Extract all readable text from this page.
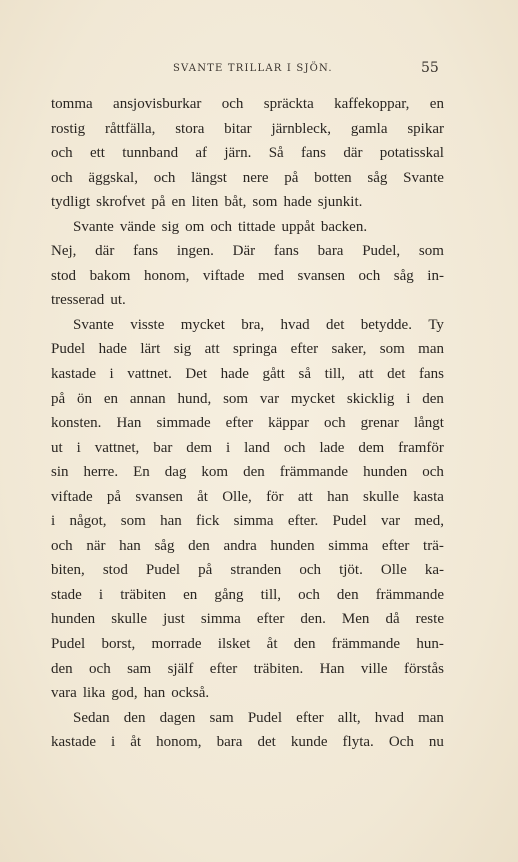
SVANTE TRILLAR I SJÖN.	55
tomma ansjovisburkar och spräckta kaffekoppar, en
rostig råttfälla, stora bitar järnbleck, gamla spikar
och ett tunnband af järn. Så fans där potatisskal
och äggskal, och längst nere på botten såg Svante
tydligt skrofvet på en liten båt, som hade sjunkit.
Svante vände sig om och tittade uppåt backen.
Nej, där fans ingen. Där fans bara Pudel, som
stod bakom honom, viftade med svansen och såg in-
tresserad ut.
Svante visste mycket bra, hvad det betydde. Ty
Pudel hade lärt sig att springa efter saker, som man
kastade i vattnet. Det hade gått så till, att det fans
på ön en annan hund, som var mycket skicklig i den
konsten. Han simmade efter käppar och grenar långt
ut i vattnet, bar dem i land och lade dem framför
sin herre. En dag kom den främmande hunden och
viftade på svansen åt Olle, för att han skulle kasta
i något, som han fick simma efter. Pudel var med,
och när han såg den andra hunden simma efter trä-
biten, stod Pudel på stranden och tjöt. Olle ka-
stade i träbiten en gång till, och den främmande
hunden skulle just simma efter den. Men då reste
Pudel borst, morrade ilsket åt den främmande hun-
den och sam själf efter träbiten. Han ville förstås
vara lika god, han också.
Sedan den dagen sam Pudel efter allt, hvad man
kastade i åt honom, bara det kunde flyta. Och nu
